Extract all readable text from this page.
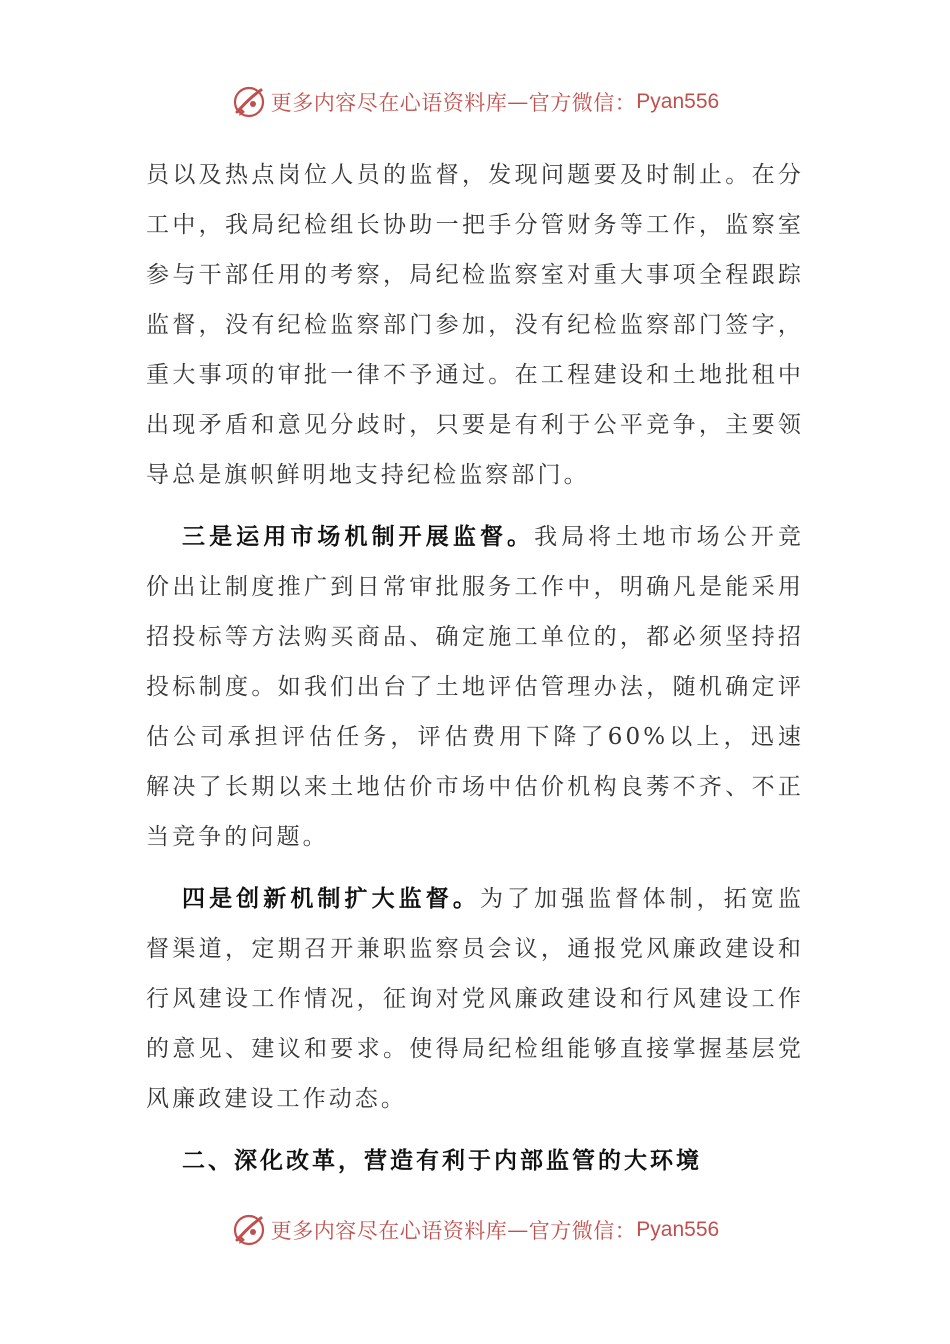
更多内容尽在心语资料库 — 官方微信： Pyan556

员以及热点岗位人员的监督，发现问题要及时制止。在分工中，我局纪检组长协助一把手分管财务等工作，监察室参与干部任用的考察，局纪检监察室对重大事项全程跟踪监督，没有纪检监察部门参加，没有纪检监察部门签字，重大事项的审批一律不予通过。在工程建设和土地批租中出现矛盾和意见分歧时，只要是有利于公平竞争，主要领导总是旗帜鲜明地支持纪检监察部门。

三是运用市场机制开展监督。我局将土地市场公开竞价出让制度推广到日常审批服务工作中，明确凡是能采用招投标等方法购买商品、确定施工单位的，都必须坚持招投标制度。如我们出台了土地评估管理办法，随机确定评估公司承担评估任务，评估费用下降了60%以上，迅速解决了长期以来土地估价市场中估价机构良莠不齐、不正当竞争的问题。

四是创新机制扩大监督。为了加强监督体制，拓宽监督渠道，定期召开兼职监察员会议，通报党风廉政建设和行风建设工作情况，征询对党风廉政建设和行风建设工作的意见、建议和要求。使得局纪检组能够直接掌握基层党风廉政建设工作动态。

二、深化改革，营造有利于内部监管的大环境

更多内容尽在心语资料库 — 官方微信： Pyan556
